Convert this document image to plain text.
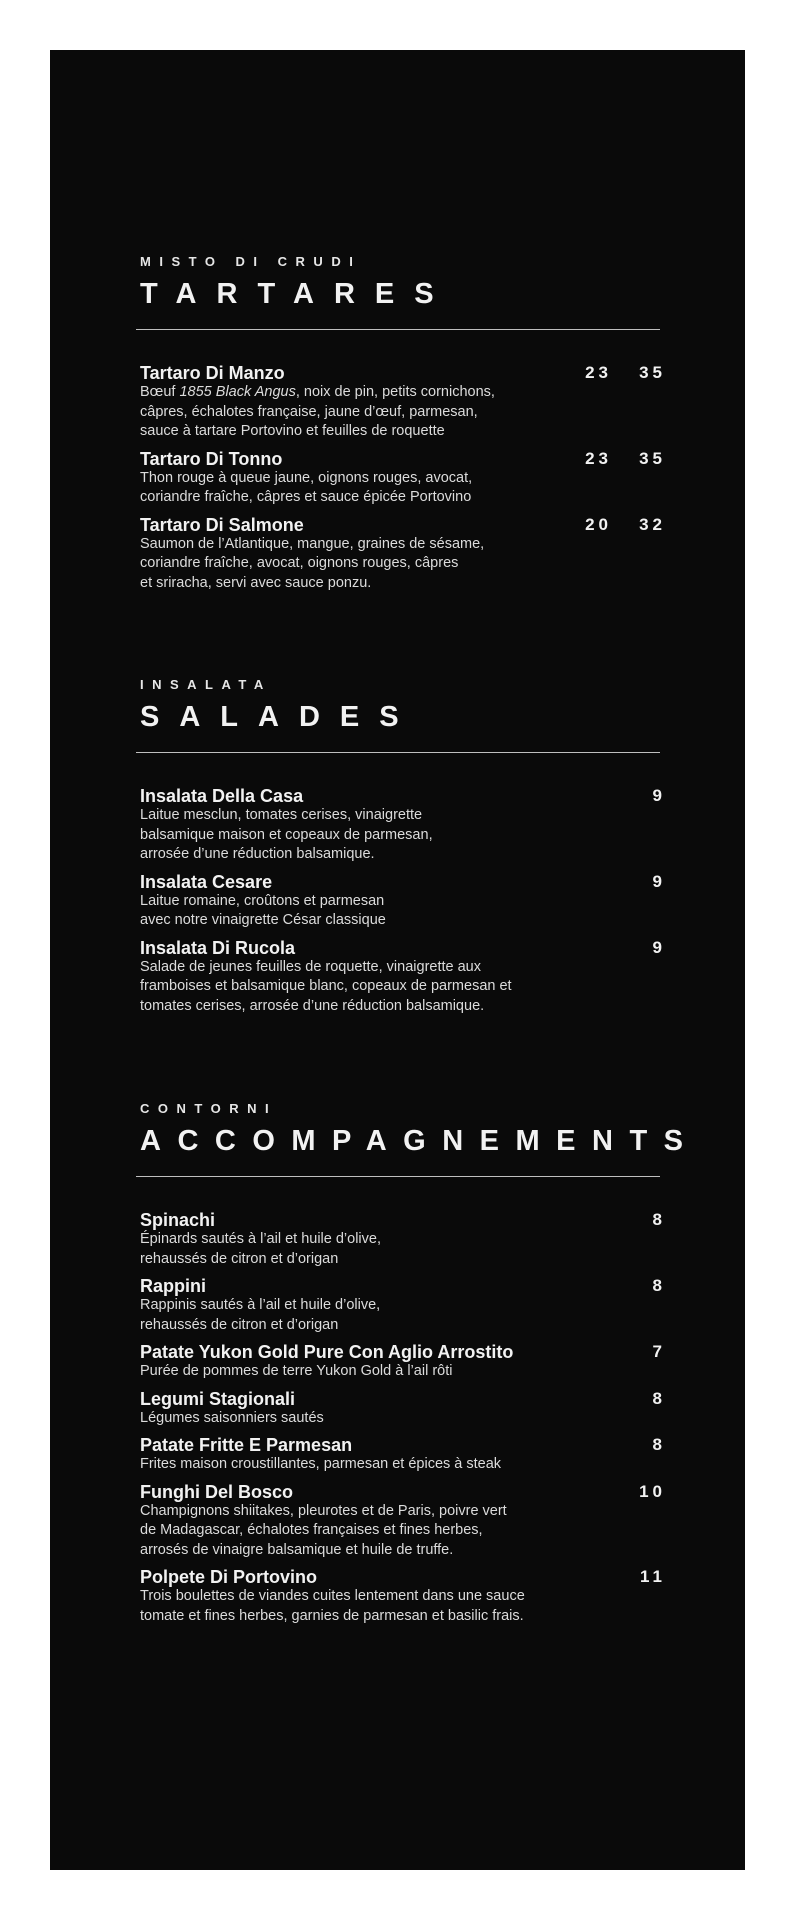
MISTO DI CRUDI
TARTARES
Tartaro Di Manzo
Bœuf 1855 Black Angus, noix de pin, petits cornichons,
câpres, échalotes française, jaune d’œuf, parmesan,
sauce à tartare Portovino et feuilles de roquette
23 35
Tartaro Di Tonno
Thon rouge à queue jaune, oignons rouges, avocat,
coriandre fraîche, câpres et sauce épicée Portovino
23 35
Tartaro Di Salmone
Saumon de l’Atlantique, mangue, graines de sésame,
coriandre fraîche, avocat, oignons rouges, câpres
et sriracha, servi avec sauce ponzu.
20 32
INSALATA
SALADES
Insalata Della Casa
Laitue mesclun, tomates cerises, vinaigrette
balsamique maison et copeaux de parmesan,
arrosée d’une réduction balsamique.
9
Insalata Cesare
Laitue romaine, croûtons et parmesan
avec notre vinaigrette César classique
9
Insalata Di Rucola
Salade de jeunes feuilles de roquette, vinaigrette aux
framboises et balsamique blanc, copeaux de parmesan et
tomates cerises, arrosée d’une réduction balsamique.
9
CONTORNI
ACCOMPAGNEMENTS
Spinachi
Épinards sautés à l’ail et huile d’olive,
rehaussés de citron et d’origan
8
Rappini
Rappinis sautés à l’ail et huile d’olive,
rehaussés de citron et d’origan
8
Patate Yukon Gold Pure Con Aglio Arrostito
Purée de pommes de terre Yukon Gold à l’ail rôti
7
Legumi Stagionali
Légumes saisonniers sautés
8
Patate Fritte E Parmesan
Frites maison croustillantes, parmesan et épices à steak
8
Funghi Del Bosco
Champignons shiitakes, pleurotes et de Paris, poivre vert
de Madagascar, échalotes françaises et fines herbes,
arrosés de vinaigre balsamique et huile de truffe.
10
Polpete Di Portovino
Trois boulettes de viandes cuites lentement dans une sauce
tomate et fines herbes, garnies de parmesan et basilic frais.
11
